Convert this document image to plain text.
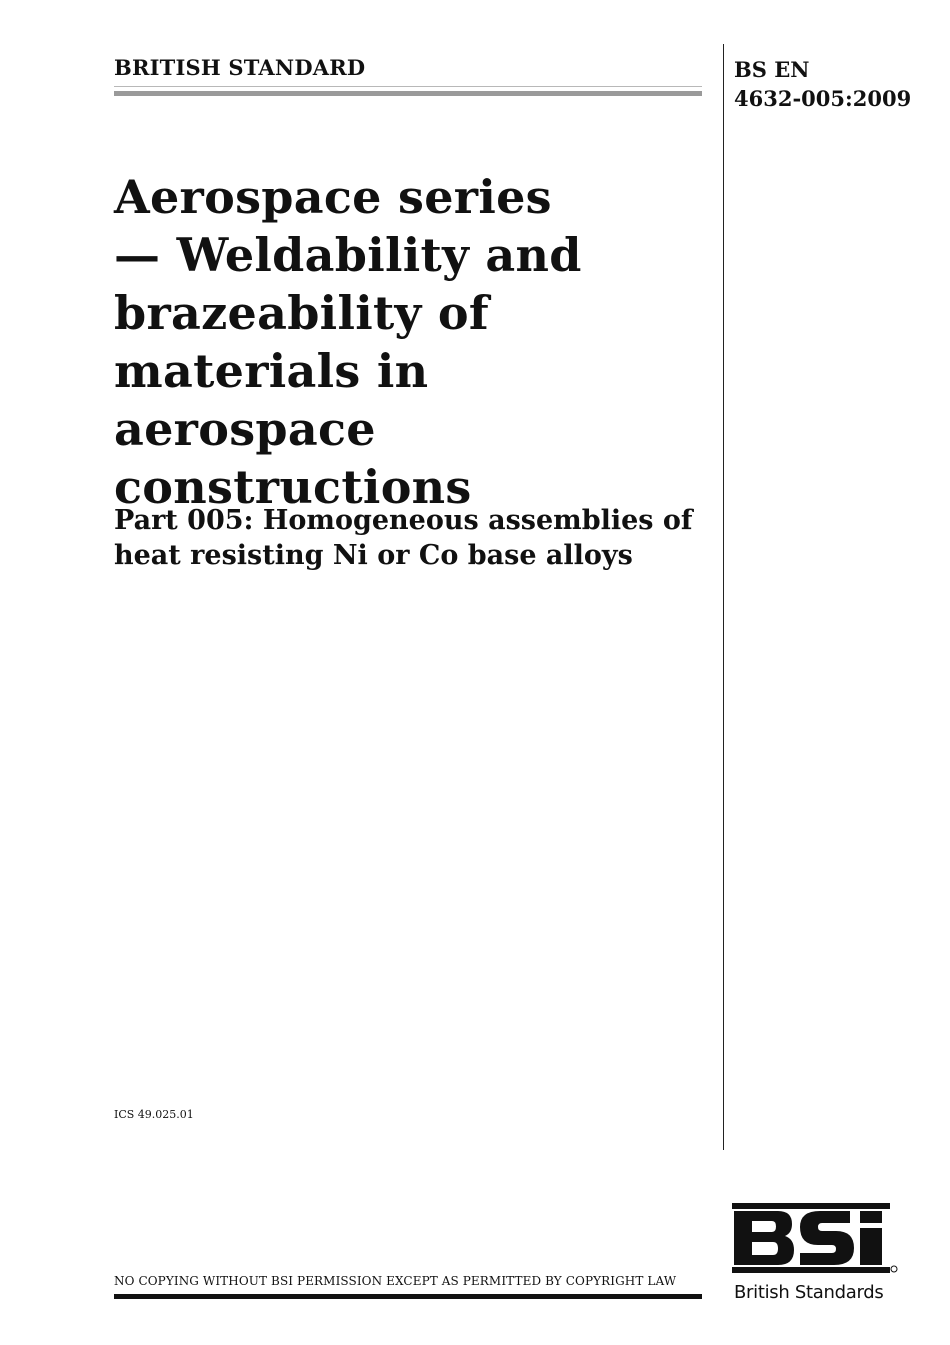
BRITISH STANDARD	BS EN
4632-005:2009
Aerospace series
— Weldability and
brazeability of
materials in aerospace
constructions
Part 005: Homogeneous assemblies of
heat resisting Ni or Co base alloys
ICS 49.025.01
NO COPYING WITHOUT BSI PERMISSION EXCEPT AS PERMITTED BY COPYRIGHT LAW
British Standards
